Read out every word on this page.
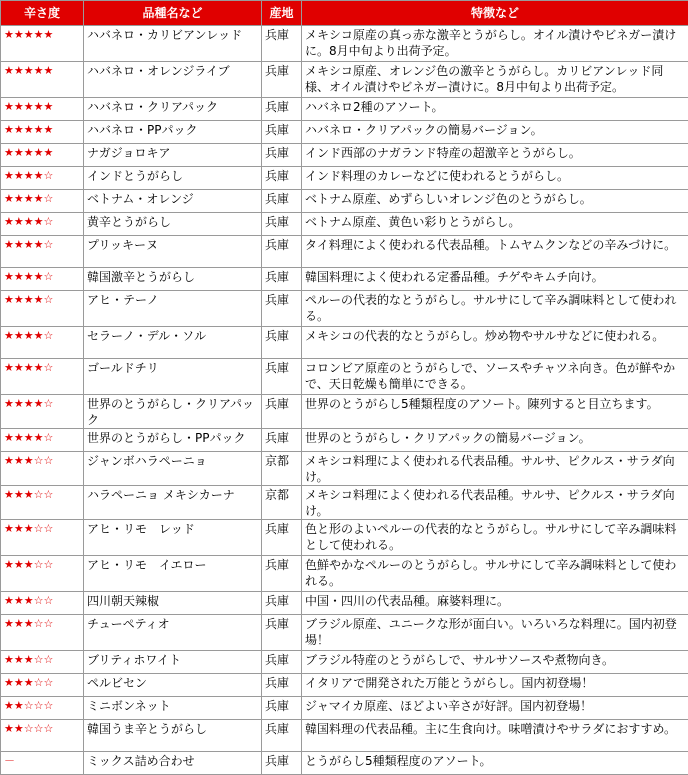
辛さ度	品種名など	産地	特徴など
★★★★★	ハバネロ・カリビアンレッド	兵庫	メキシコ原産の真っ赤な激辛とうがらし。オイル漬けやビネガー漬けに。8月中旬より出荷予定。
★★★★★	ハバネロ・オレンジライブ	兵庫	メキシコ原産、オレンジ色の激辛とうがらし。カリビアンレッド同様、オイル漬けやビネガー漬けに。8月中旬より出荷予定。
★★★★★	ハバネロ・クリアパック	兵庫	ハバネロ2種のアソート。
★★★★★	ハバネロ・PPパック	兵庫	ハバネロ・クリアパックの簡易バージョン。
★★★★★	ナガジョロキア	兵庫	インド西部のナガランド特産の超激辛とうがらし。
★★★★☆	インドとうがらし	兵庫	インド料理のカレーなどに使われるとうがらし。
★★★★☆	ベトナム・オレンジ	兵庫	ベトナム原産、めずらしいオレンジ色のとうがらし。
★★★★☆	黄辛とうがらし	兵庫	ベトナム原産、黄色い彩りとうがらし。
★★★★☆	プリッキーヌ	兵庫	タイ料理によく使われる代表品種。トムヤムクンなどの辛みづけに。
★★★★☆	韓国激辛とうがらし	兵庫	韓国料理によく使われる定番品種。チゲやキムチ向け。
★★★★☆	アヒ・テーノ	兵庫	ペルーの代表的なとうがらし。サルサにして辛み調味料として使われる。
★★★★☆	セラーノ・デル・ソル	兵庫	メキシコの代表的なとうがらし。炒め物やサルサなどに使われる。
★★★★☆	ゴールドチリ	兵庫	コロンビア原産のとうがらしで、ソースやチャツネ向き。色が鮮やかで、天日乾燥も簡単にできる。
★★★★☆	世界のとうがらし・クリアパック	兵庫	世界のとうがらし5種類程度のアソート。陳列すると目立ちます。
★★★★☆	世界のとうがらし・PPパック	兵庫	世界のとうがらし・クリアパックの簡易バージョン。
★★★☆☆	ジャンボハラペーニョ	京都	メキシコ料理によく使われる代表品種。サルサ、ピクルス・サラダ向け。
★★★☆☆	ハラペーニョ メキシカーナ	京都	メキシコ料理によく使われる代表品種。サルサ、ピクルス・サラダ向け。
★★★☆☆	アヒ・リモ　レッド	兵庫	色と形のよいペルーの代表的なとうがらし。サルサにして辛み調味料として使われる。
★★★☆☆	アヒ・リモ　イエロー	兵庫	色鮮やかなペルーのとうがらし。サルサにして辛み調味料として使われる。
★★★☆☆	四川朝天辣椒	兵庫	中国・四川の代表品種。麻婆料理に。
★★★☆☆	チューペティオ	兵庫	ブラジル原産、ユニークな形が面白い。いろいろな料理に。国内初登場！
★★★☆☆	ブリティホワイト	兵庫	ブラジル特産のとうがらしで、サルサソースや煮物向き。
★★★☆☆	ペルビセン	兵庫	イタリアで開発された万能とうがらし。国内初登場！
★★☆☆☆	ミニボンネット	兵庫	ジャマイカ原産、ほどよい辛さが好評。国内初登場！
★★☆☆☆	韓国うま辛とうがらし	兵庫	韓国料理の代表品種。主に生食向け。味噌漬けやサラダにおすすめ。
－	ミックス詰め合わせ	兵庫	とうがらし5種類程度のアソート。
